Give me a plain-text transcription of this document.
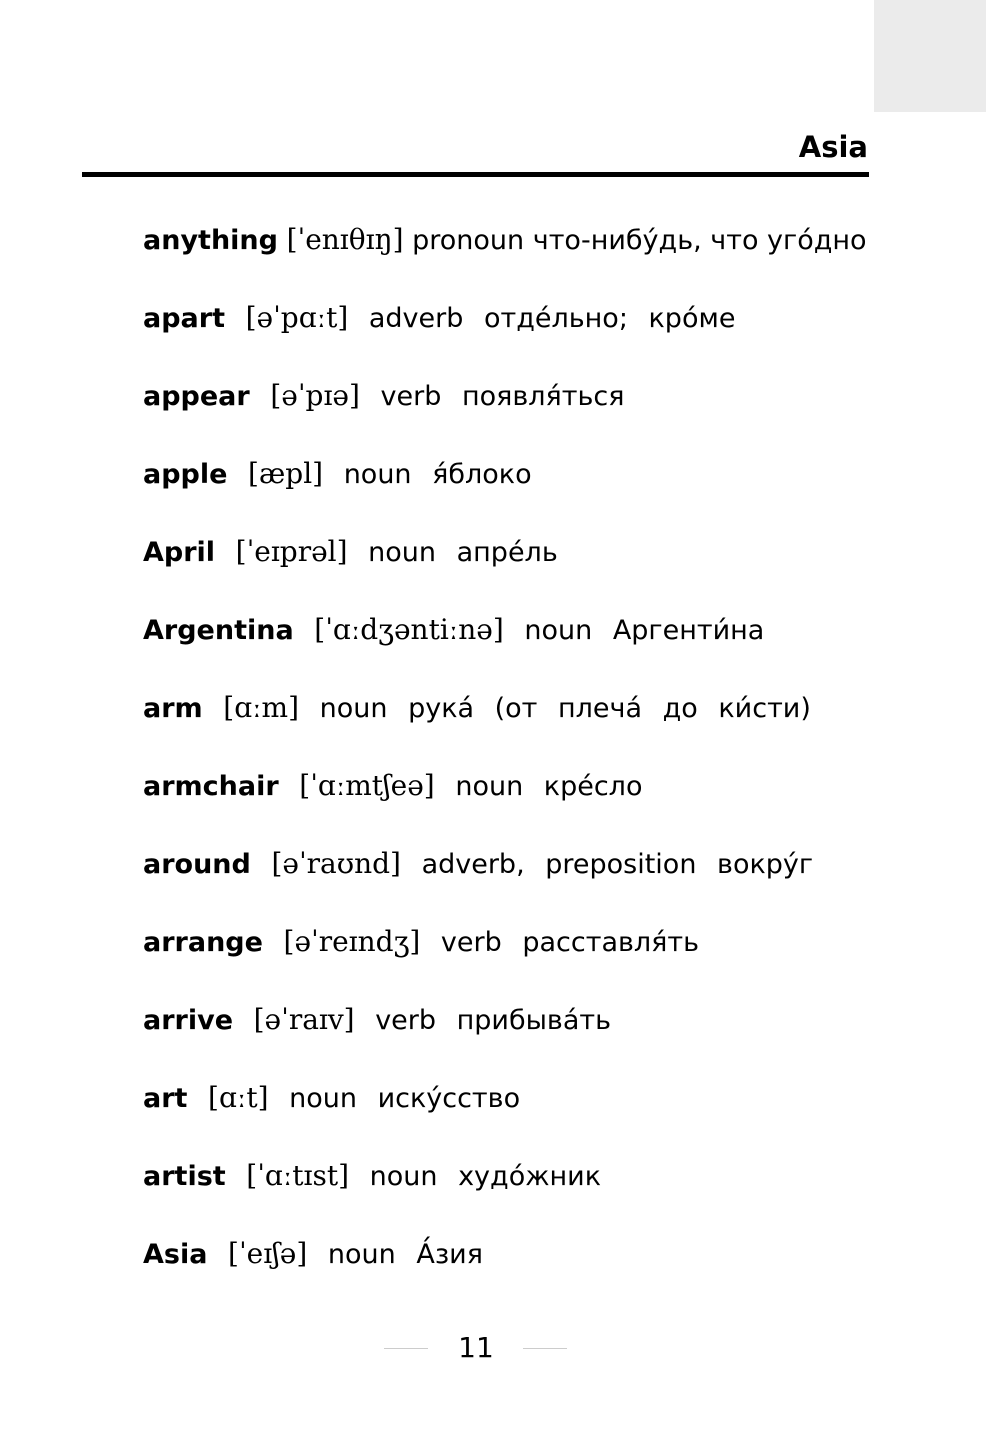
Asia
anything [ˈenɪθɪŋ] pronoun что-нибу́дь, что уго́дно
apart [əˈpɑːt] adverb отде́льно; кро́ме
appear [əˈpɪə] verb появля́ться
apple [æpl] noun я́блоко
April [ˈeɪprəl] noun апре́ль
Argentina [ˈɑːdʒəntiːnə] noun Аргенти́на
arm [ɑːm] noun рука́ (от плеча́ до ки́сти)
armchair [ˈɑːmtʃeə] noun кре́сло
around [əˈraʊnd] adverb, preposition вокру́г
arrange [əˈreɪndʒ] verb расставля́ть
arrive [əˈraɪv] verb прибыва́ть
art [ɑːt] noun иску́сство
artist [ˈɑːtɪst] noun худо́жник
Asia [ˈeɪʃə] noun А́зия
11
